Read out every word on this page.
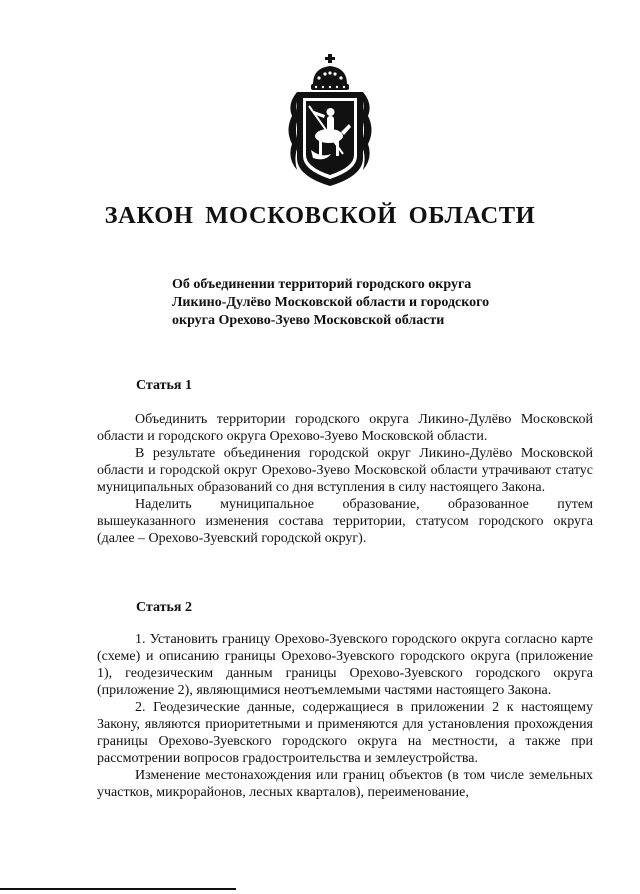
ЗАКОН МОСКОВСКОЙ ОБЛАСТИ
Об объединении территорий городского округа
Ликино-Дулёво Московской области и городского
округа Орехово-Зуево Московской области
Статья 1

Объединить территории городского округа Ликино-Дулёво Московской области и городского округа Орехово-Зуево Московской области.

В результате объединения городской округ Ликино-Дулёво Московской области и городской округ Орехово-Зуево Московской области утрачивают статус муниципальных образований со дня вступления в силу настоящего Закона.

Наделить муниципальное образование, образованное путем вышеуказанного изменения состава территории, статусом городского округа (далее – Орехово-Зуевский городской округ).

Статья 2

1. Установить границу Орехово-Зуевского городского округа согласно карте (схеме) и описанию границы Орехово-Зуевского городского округа (приложение 1), геодезическим данным границы Орехово-Зуевского городского округа (приложение 2), являющимися неотъемлемыми частями настоящего Закона.

2. Геодезические данные, содержащиеся в приложении 2 к настоящему Закону, являются приоритетными и применяются для установления прохождения границы Орехово-Зуевского городского округа на местности, а также при рассмотрении вопросов градостроительства и землеустройства.

Изменение местонахождения или границ объектов (в том числе земельных участков, микрорайонов, лесных кварталов), переименование,
